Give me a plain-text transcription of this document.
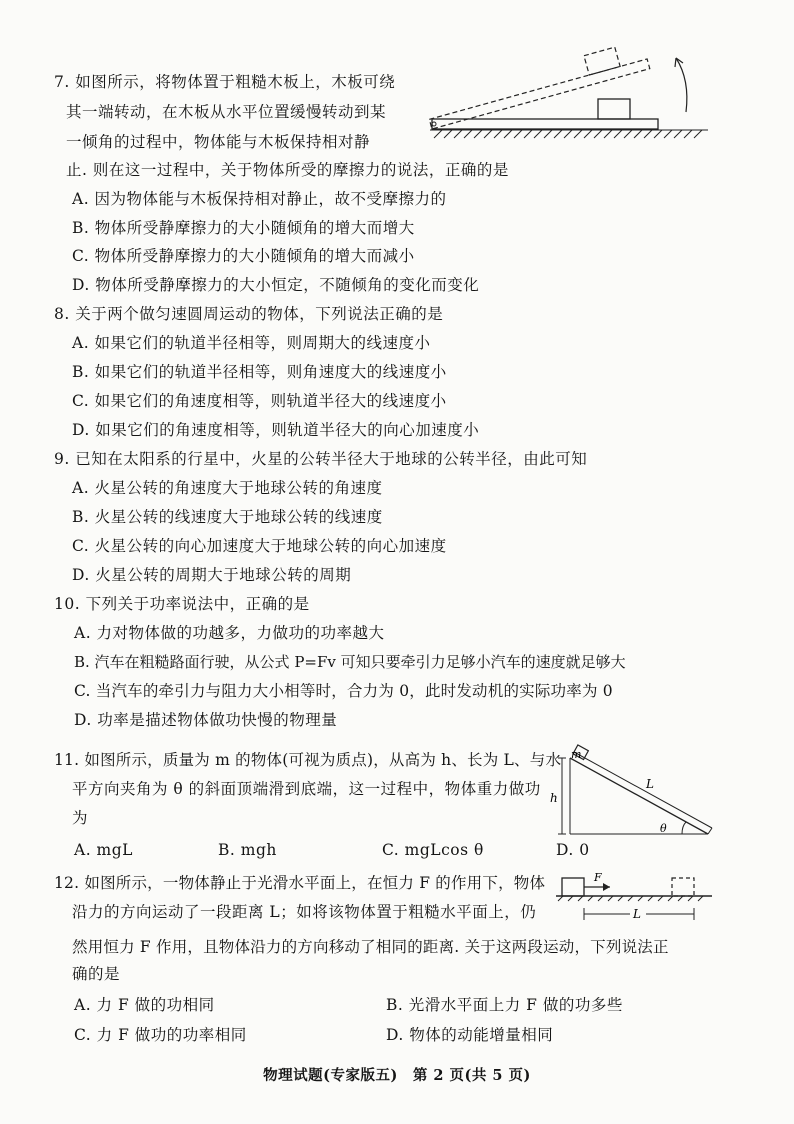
7. 如图所示，将物体置于粗糙木板上，木板可绕
其一端转动，在木板从水平位置缓慢转动到某
一倾角的过程中，物体能与木板保持相对静
止. 则在这一过程中，关于物体所受的摩擦力的说法，正确的是
A. 因为物体能与木板保持相对静止，故不受摩擦力的
B. 物体所受静摩擦力的大小随倾角的增大而增大
C. 物体所受静摩擦力的大小随倾角的增大而减小
D. 物体所受静摩擦力的大小恒定，不随倾角的变化而变化
8. 关于两个做匀速圆周运动的物体，下列说法正确的是
A. 如果它们的轨道半径相等，则周期大的线速度小
B. 如果它们的轨道半径相等，则角速度大的线速度小
C. 如果它们的角速度相等，则轨道半径大的线速度小
D. 如果它们的角速度相等，则轨道半径大的向心加速度小
9. 已知在太阳系的行星中，火星的公转半径大于地球的公转半径，由此可知
A. 火星公转的角速度大于地球公转的角速度
B. 火星公转的线速度大于地球公转的线速度
C. 火星公转的向心加速度大于地球公转的向心加速度
D. 火星公转的周期大于地球公转的周期
10. 下列关于功率说法中，正确的是
A. 力对物体做的功越多，力做功的功率越大
B. 汽车在粗糙路面行驶，从公式 P=Fv 可知只要牵引力足够小汽车的速度就足够大
C. 当汽车的牵引力与阻力大小相等时，合力为 0，此时发动机的实际功率为 0
D. 功率是描述物体做功快慢的物理量
11. 如图所示，质量为 m 的物体(可视为质点)，从高为 h、长为 L、与水
平方向夹角为 θ 的斜面顶端滑到底端，这一过程中，物体重力做功
为
A. mgL	B. mgh	C. mgLcos θ	D. 0
m
L
h
θ
12. 如图所示，一物体静止于光滑水平面上，在恒力 F 的作用下，物体
沿力的方向运动了一段距离 L；如将该物体置于粗糙水平面上，仍
然用恒力 F 作用，且物体沿力的方向移动了相同的距离. 关于这两段运动，下列说法正
确的是
A. 力 F 做的功相同	B. 光滑水平面上力 F 做的功多些
C. 力 F 做功的功率相同	D. 物体的动能增量相同
F
L
物理试题(专家版五)　第 2 页(共 5 页)
